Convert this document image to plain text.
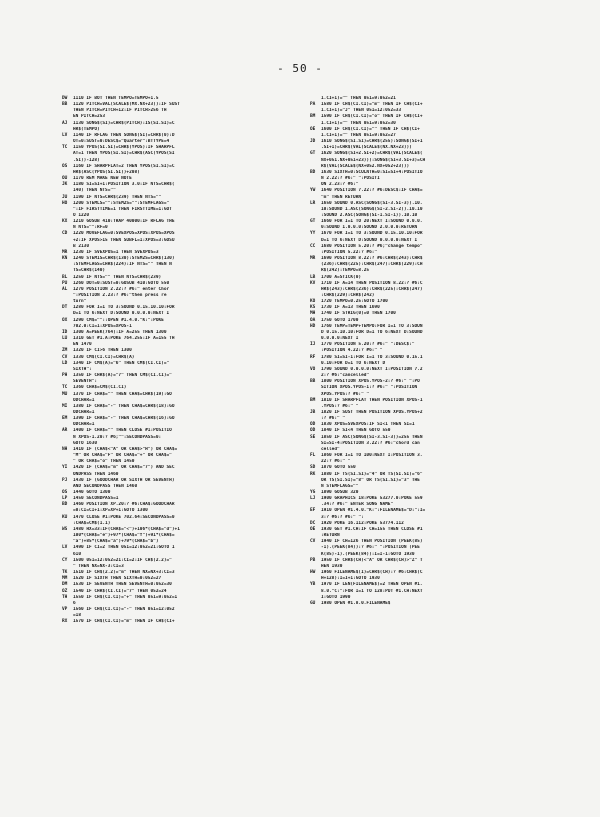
- 50 -
DW	1110 IF BOT THEN TEMPO=TEMPO+1.5
BB	1120 PITCH=VAL(SCALE$(MX.NX+23)):IF SUST
THEN PITCH=PITCH+12:IF PITCH>256 TH
EN PITCH=253
AJ	1130 SONG$(SI)=CHR$(PITCH):IS(SI.SI)=C
HR$(TEMPO)
LV	1140 IF RFLAG THEN SONG$(SI)=CHR$(0):D
OT=0:SUST=0:DESC$="Quarter":BTTYPE=4
TC	1150 YPOS(SI.SI)=CHR$(YPOS):IF SHARPFL
AT=1 THEN YPOS(SI.SI)=CHR$(ASC(YPOS(SI
.SI))-128)
OS	1160 IF SHARPFLAT=2 THEN YPOS(SI.SI)=C
HR$(ASC(YPOS(SI.SI))+208)
OU	1170 REM MAKE NEW NOTE
JK	1180 SI=SI+1:POSITION 3.0:IF NTS=CHR$(
140) THEN NTS=""
JU	1190 IF NTS=CHR$(239) THEN NTS=""
HO	1200 STEMLS="":STEM2S="":STEMFLAGS="
":IF FIRSTTIME=1 THEN FIRSTTIME=1:GOT
O 1220
KX	1210 GOSUB 410:TRAP 40000:IF RFLAG THE
N NTS="":RF=0
CD	1220 MOVEFLAG=0:SVEXPOS=XPOS:XPOS=XPOS
+2:IF XPOS>15 THEN SUBFL=1:XPOS=3:GOSU
B 2130
MR	1230 IF SVEXPOS=1 THEN SVEXPOS=3
KN	1240 STEM1S=CHR$(130):STEM2S=CHR$(130)
:STEMFLAGS=CHR$(224):IF NTS="" THEN N
TS=CHR$(140)
BL	1250 IF NTS="" THEN NTS=CHR$(239)
PU	1260 DOT=0:SUST=0:GOSUB 410:GOTO 550
AL	1270 POSITION 2.22:? #6:" enter Chor
":POSITION 2.23:? #6:"then press re
turn"
DT	1280 FOR I=1 TO 3:SOUND 0.15.10.10:FOR
D=1 TO 6:NEXT D:SOUND 0.0.0.0:NEXT I
OX	1290 CM$=""::OPEN #1.4.0."K:":POKE
702.0:CI=1:XPOS=XPOS-1
ID	1300 A=PEEK(764):IF A=255 THEN 1300
LU	1310 GET #1.A:POKE 764.255:IF A=155 TH
EN 1470
ZM	1320 IF CI>6 THEN 1300
CV	1330 CM$(CI.CI)=CHR$(A)
LD	1340 IF CM$(A)="6" THEN CM$(CI.CI)="
SIXTH":
PH	1350 IF CHR$(A)="7" THEN CM$(CI.CI)="
SEVENTH":
TC	1360 CHA$=CM$(CI.CI)
MU	1370 IF CHA$="" THEN CHA$=CHR$(19):GO
ODCHAR=1
MI	1380 IF CHA$="-" THEN CHA$=CHR$(18):GO
ODCHAR=1
EM	1390 IF CHA$="-" THEN CHA$=CHR$(16):GO
ODCHAR=1
AR	1400 IF CHA$="" THEN CLOSE #1:POSITIO
N XPOS-1.20:? #6;"":SECONDPASS=0:
GOTO 1630
NH	1410 IF (CHA$<"A" OR CHA$>"H") OR CHA$=
"M" OR CHA$="F" OR CHA$="+" OR CHA$="
" OR CHA$="o" THEN 1450
YI	1420 IF (CHA$="m" OR CHA$="7") AND SEC
ONDPASS THEN 1460
PJ	1430 IF (GOODCHAR OR SIXTH OR SEVENTH)
AND SECONDPASS THEN 1460
OS	1440 GOTO 1300
LP	1450 SECONDPASS=1
BD	1460 POSITION XP.20:? #6:CHA$:GOODCHAR
=0:CI=CI+1:XP=XP+1:GOTO 1300
KU	1470 CLOSE #1:POKE 702.64:SECONDPASS=0
:CHA$=CM$(1.1)
WS	1480 HX=33:IF(CHA$="<")+106*(CHA$="d")+1
100*(CHA$="e")+97*(CHA$="f")+91*(CHA$=
"a")+85*(CHA$="a")+79*(CHA$="b")
LV	1490 IF CI=2 THEN 051=12:052=21:GOTO 1
610
CY	1500 051=12:052=21:CI=2:IF CH$(2.2)="
" THEN NX=NX-3:CI=3
TK	1510 IF CH$(2.2)="m" THEN NX=NX+3:CI=3
MM	1520 IF SIXTH THEN SIXTH=0:052=27
DM	1530 IF SEVENTH THEN SEVENTH=0:052=30
OZ	1540 IF CHR$(CI.CI)="7" THEN 052=24
TH	1550 IF CH$(CI.CI)="+" THEN 051=9:052=1
6
VP	1560 IF CH$(CI.CI)="-" THEN 051=12:052
=18
RX	1570 IF CH$(CI.CI)="m" THEN IF CH$(CI+
1.CI+1)="" THEN 051=9:052=21
PA	1580 IF CH$(CI.CI)="m" THEN IF CH$(CI+
1.CI+1)="J" THEN 051=12:052=33
BM	1590 IF CH$(CI.CI)="o" THEN IF CH$(CI+
1.CI+1)="" THEN 051=9:052=30
OE	1600 IF CH$(CI.CI)="" THEN IF CH$(CI+
1.CI+1)="" THEN 051=9:052=27
JD	1610 SONG$(SI.SI)=CHR$(255):SONG$(SI+1
.SI+1)=CHR$(VAL(SCALE$(NX.NX+23)))
GT	1620 SONG$(SI+2.SI+2)=CHR$(VAL(SCALE$(
NX+051.NX+051+23))):SONG$(SI+3.SI+3)=CH
R$(VAL(SCALE$(NX+052.NX+052+23)))
BD	1630 SIXTH=0:SCULNTH=0:SI=SI+4:POSITIO
N 2.22:? #6:" ":POSITI
ON 2.23:? #6:"
YW	1640 POSITION 7.22:? #6:DESC$:IF CHA$=
"m" THEN RETURN
LR	1650 SOUND 0.ASC(SONG$(SI-3.SI-3)).10.
10:SOUND 1.ASC(SONG$(SI-2.SI-2)).10.10
:SOUND 2.ASC(SONG$(SI-1.SI-1)).10.10
GT	1660 FOR I=1 TO 20:NEXT I:SOUND 0.0.0.
0:SOUND 1.0.0.0:SOUND 2.0.0.0:RETURN
YY	1670 FOR I=1 TO 3:SOUND 0.15.10.10:FOR
D=1 TO 6:NEXT D:SOUND 0.0.0.0:NEXT I
CC	1680 POSITION 5.20:? #6;"change tempo"
:POSITION 5.22:? #6:"
MR	1690 POSITION 8.22:? #6:CHR$(243):CHR$
(236):CHR$(225):CHR$(247):CHR$(229):CH
R$(242):TEMPO=8.25
LB	1700 A=STICK(0)
KV	1710 IF A=14 THEN POSITION 8.22:? #6:C
HR$(243):CHR$(236):CHR$(225):CHR$(247)
:CHR$(229):CHR$(242)
KO	1720 TEMPO=0.25:GOTO 1700
KS	1730 IF A=13 THEN 1690
MH	1740 IF STRIG(0)=0 THEN 1700
OA	1750 GOTO 1700
HD	1760 TEMP=TEMP+TEMPO:FOR I=1 TO 3:SOUN
D 0.15.10.10:FOR D=1 TO 6:NEXT D:SOUND
0.0.0.0:NEXT I
IJ	1770 POSITION 5.20:? #6:" ":DESC$:"
:POSITION 4.22:? #6:" "
RF	1780 SI=SI-1:FOR I=1 TO 3:SOUND 0.15.1
0.10:FOR D=1 TO 6:NEXT D
VO	1790 SOUND 0.0.0.0:NEXT I:POSITION 7.2
2:? #6:"cancelled"
BB	1800 POSITION XPOS.YPOS-2:? #6:" ":PO
SITION XPOS.YPOS-1:? #6:" ":POSITION
XPOS.YPOS:? #6:" "
BM	1810 IF SHARPFLAT THEN POSITION XPOS-1
.YPOS:? #6:" "
JB	1820 IF SUST THEN POSITION XPOS.YPOS+2
:? #6:" "
OD	1830 XPOS=SVEXPOS:IF SI<1 THEN SI=1
OD	1840 IF SI<4 THEN GOTO 550
SE	1850 IF ASC(SONG$(SI-3.SI-3))=255 THEN
SI=SI-4:POSITION 3.22:? #6:"chord can
celled"
FL	1860 FOR I=1 TO 100:NEXT I:POSITION 3.
22:? #6:" "
SD	1870 GOTO 550
RK	1880 IF TS(SI.SI)="4" OR TS(SI.SI)="6"
OR TS(SI.SI)="8" OR TS(SI.SI)="3" THE
N STEMFLAGS=""
YG	1890 GOSUB 320
LJ	1900 GRAPHICS 18:POKE 53277.0:POKE 559
.34:? #6:" ENTER SONG NAME"
EF	1910 OPEN #1.4.0."K:":FILENAME$="D:":I=
3:? #6:? #6:" ":
DC	1920 POKE 16.112:POKE 53774.112
OE	1930 GET #1.CH:IF CH=155 THEN CLOSE #1
:RETURN
CV	1940 IF CH=126 THEN POSITION (PEEK(85)
-1).(PEEK(84)):? #6:" ":POSITION (PEE
K(85)-1).(PEEK(84)):I=I-1:GOTO 1930
PB	1950 IF CHR$(CH)<"A" OR CHR$(CH)>"Z" T
HEN 1930
HW	1960 FILENAME$(I)=CHR$(CH):? #6:CHR$(C
H+128):I=I+1:GOTO 1930
YB	1970 IF LEN(FILENAME$)=2 THEN OPEN #1.
8.0."C:":FOR I=1 TO 128:PUT #1.CH:NEXT
I:GOTO 1990
GU	1980 OPEN #1.8.0.FILENAME$
